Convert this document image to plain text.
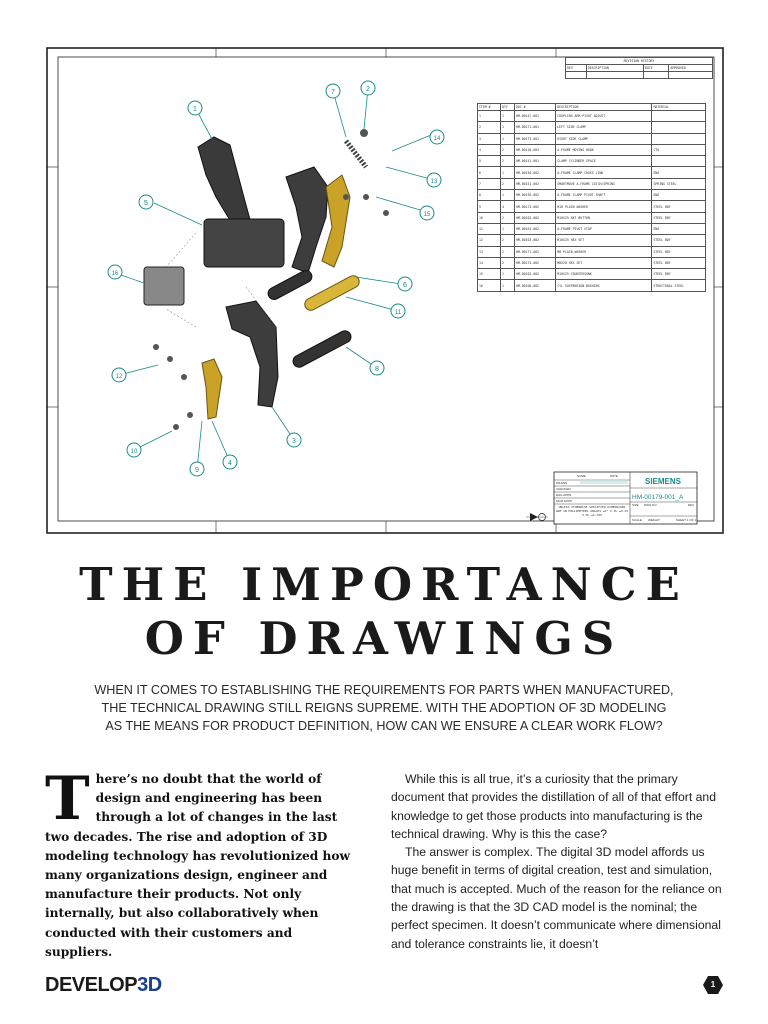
1
2
7
14
13
15
5
16
6
11
8
12
3
10
9
4
NAME	DATE
DRAWN
CHECKED
ENG APPR
MGR APPR
SIEMENS
HM-00179-001_A
SIZE DWG NO	REV
SCALE WEIGHT	SHEET 1 OF 1
UNLESS OTHERWISE SPECIFIED DIMENSIONS ARE IN MILLIMETERS ANGLES ±X° 2 PL ±X.XX 3 PL ±X.XXX
REVISION HISTORY			
REV	DESCRIPTION	DATE	APPROVED

ITEM #	QTY	DOC #	DESCRIPTION	MATERIAL
1	1	HM-00147-001	COUPLING ARM PIVOT ADJUST	
2	1	HM-00171-001	LEFT SIDE CLAMP	
3	1	HM-00173-001	RIGHT SIDE CLAMP	
4	2	HM-00120-003	A-FRAME MOVING HOOK	CTU
5	2	HM-00141-001	CLAMP CYLINDER SPACE	
6	1	HM-00150-002	A-FRAME CLAMP CROSS LINK	ENG
7	2	HM-00151-002	SMARTMOVE A-FRAME CATCH/SPRING	SPRING STEEL
8	1	HM-00156-002	A-FRAME CLAMP PIVOT SHAFT	ENG
9	4	HM-00173-002	M10 PLAIN WASHER	STEEL BDY
10	2	HM-00102-002	M10X25 SKT BUTTON	STEEL BDY
11	1	HM-00101-002	A-FRAME PIVOT STOP	ENG
12	2	HM-00103-002	M10X25 HEX SET	STEEL BDY
13	2	HM-00171-002	M8 PLAIN WASHER	STEEL BDY
14	2	HM-00175-002	M8X20 HEX SET	STEEL BDY
15	1	HM-00102-002	M10X25 COUNTERSUNK	STEEL BDY
16	1	HM-00100-002	CYL SUSPENSION BUSHING	STRUCTURAL STEEL
THE IMPORTANCE
OF DRAWINGS
WHEN IT COMES TO ESTABLISHING THE REQUIREMENTS FOR PARTS WHEN MANUFACTURED,
THE TECHNICAL DRAWING STILL REIGNS SUPREME. WITH THE ADOPTION OF 3D MODELING
AS THE MEANS FOR PRODUCT DEFINITION, HOW CAN WE ENSURE A CLEAR WORK FLOW?
There’s no doubt that the world of design and engineering has been through a lot of changes in the last two decades. The rise and adoption of 3D modeling technology has revolutionized how many organizations design, engineer and manufacture their products. Not only internally, but also collaboratively when conducted with their customers and suppliers.

While this is all true, it’s a curiosity that the primary document that provides the distillation of all of that effort and knowledge to get those products into manufacturing is the technical drawing. Why is this the case?

The answer is complex. The digital 3D model affords us huge benefit in terms of digital creation, test and simulation, that much is accepted. Much of the reason for the reliance on the drawing is that the 3D CAD model is the nominal; the perfect specimen. It doesn’t communicate where dimensional and tolerance constraints lie, it doesn’t

DEVELOP3D	1
